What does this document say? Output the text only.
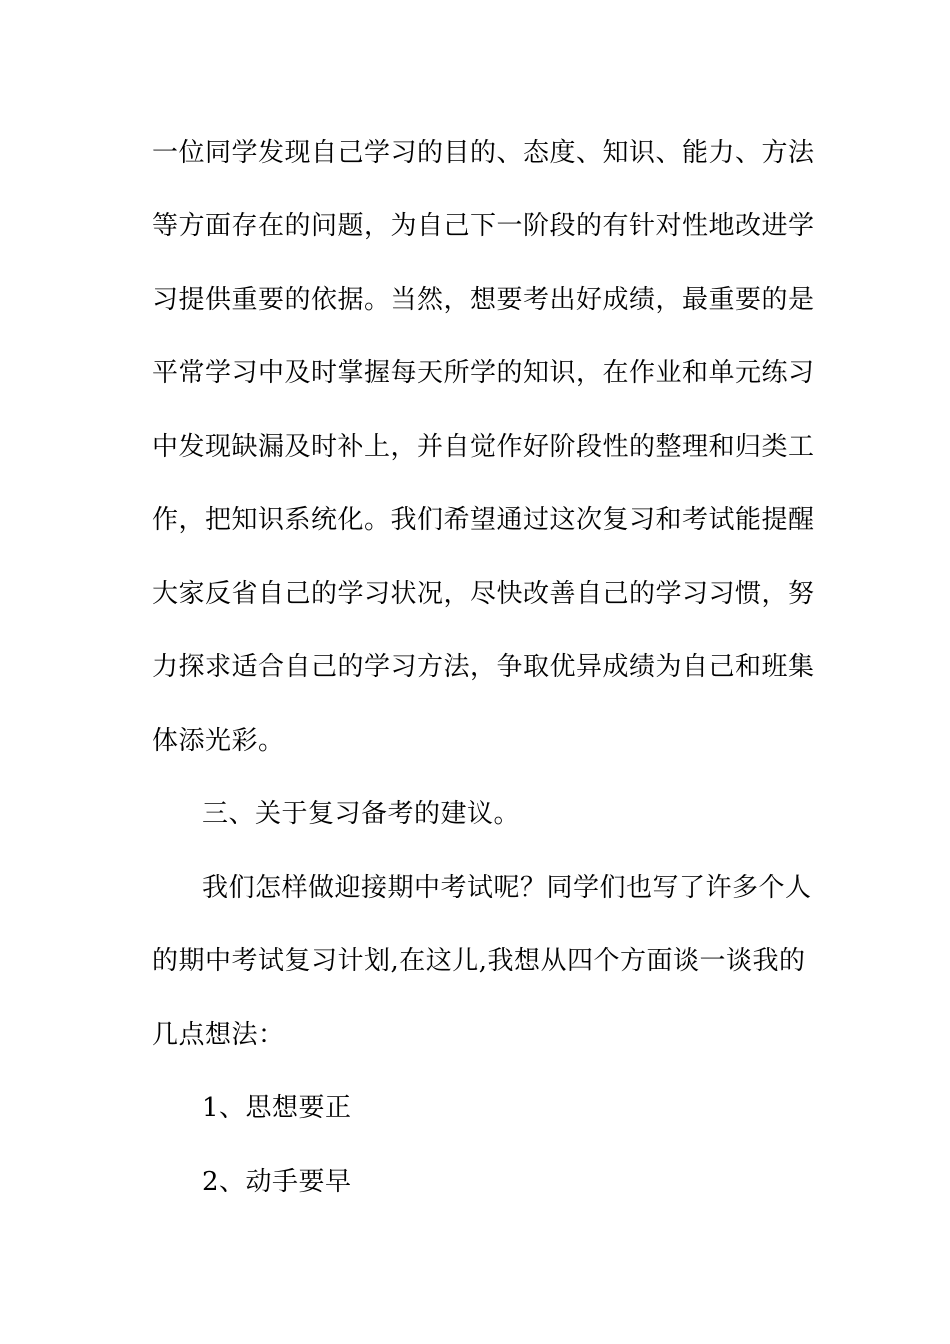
一位同学发现自己学习的目的、态度、知识、能力、方法
等方面存在的问题，为自己下一阶段的有针对性地改进学
习提供重要的依据。当然，想要考出好成绩，最重要的是
平常学习中及时掌握每天所学的知识，在作业和单元练习
中发现缺漏及时补上，并自觉作好阶段性的整理和归类工
作，把知识系统化。我们希望通过这次复习和考试能提醒
大家反省自己的学习状况，尽快改善自己的学习习惯，努
力探求适合自己的学习方法，争取优异成绩为自己和班集
体添光彩。
三、关于复习备考的建议。
我们怎样做迎接期中考试呢？同学们也写了许多个人
的期中考试复习计划,在这儿,我想从四个方面谈一谈我的
几点想法：
1、思想要正
2、动手要早
